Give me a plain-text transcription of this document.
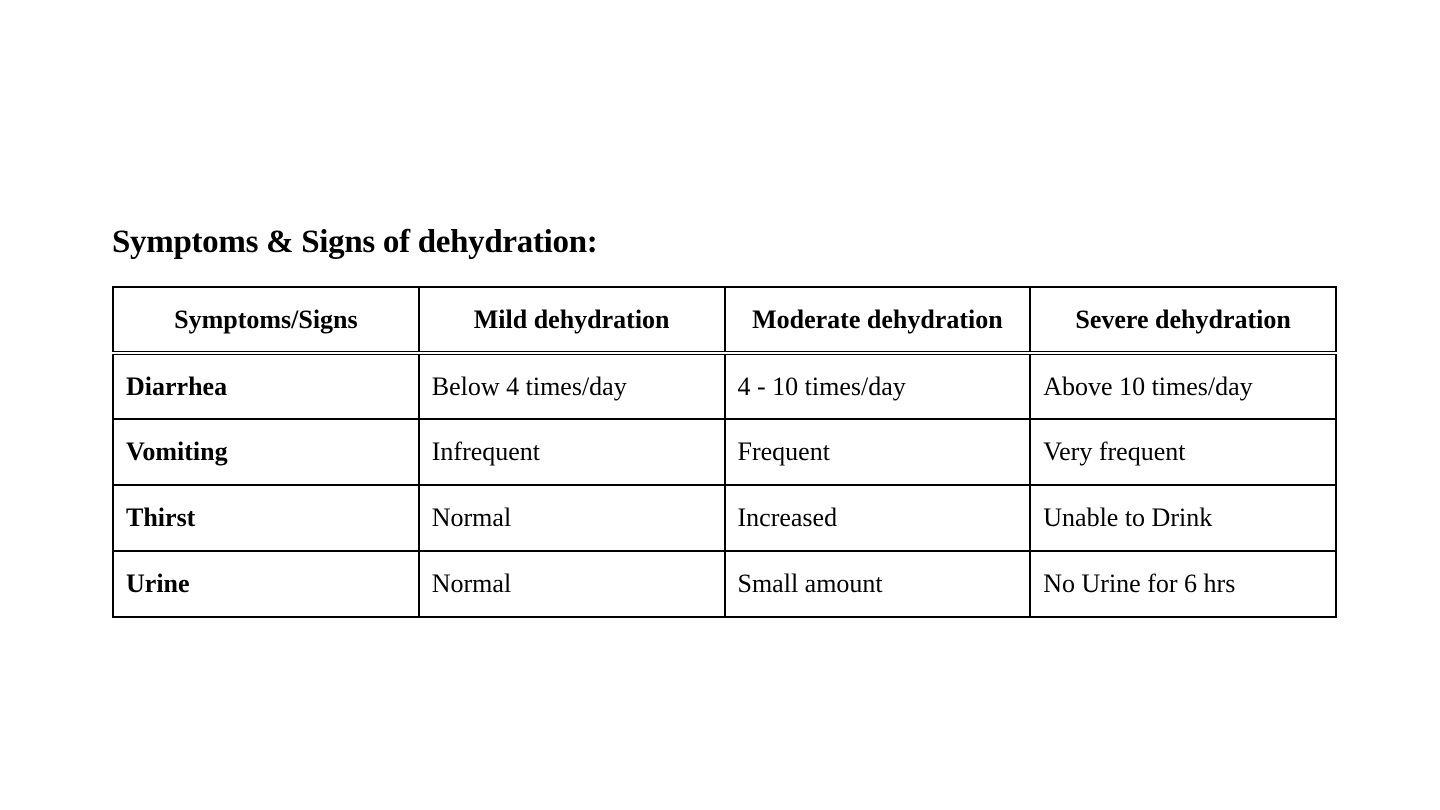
Symptoms & Signs of dehydration:
Symptoms/Signs	Mild dehydration	Moderate dehydration	Severe dehydration
Diarrhea	Below 4 times/day	4 - 10 times/day	Above 10 times/day
Vomiting	Infrequent	Frequent	Very frequent
Thirst	Normal	Increased	Unable to Drink
Urine	Normal	Small amount	No Urine for 6 hrs
